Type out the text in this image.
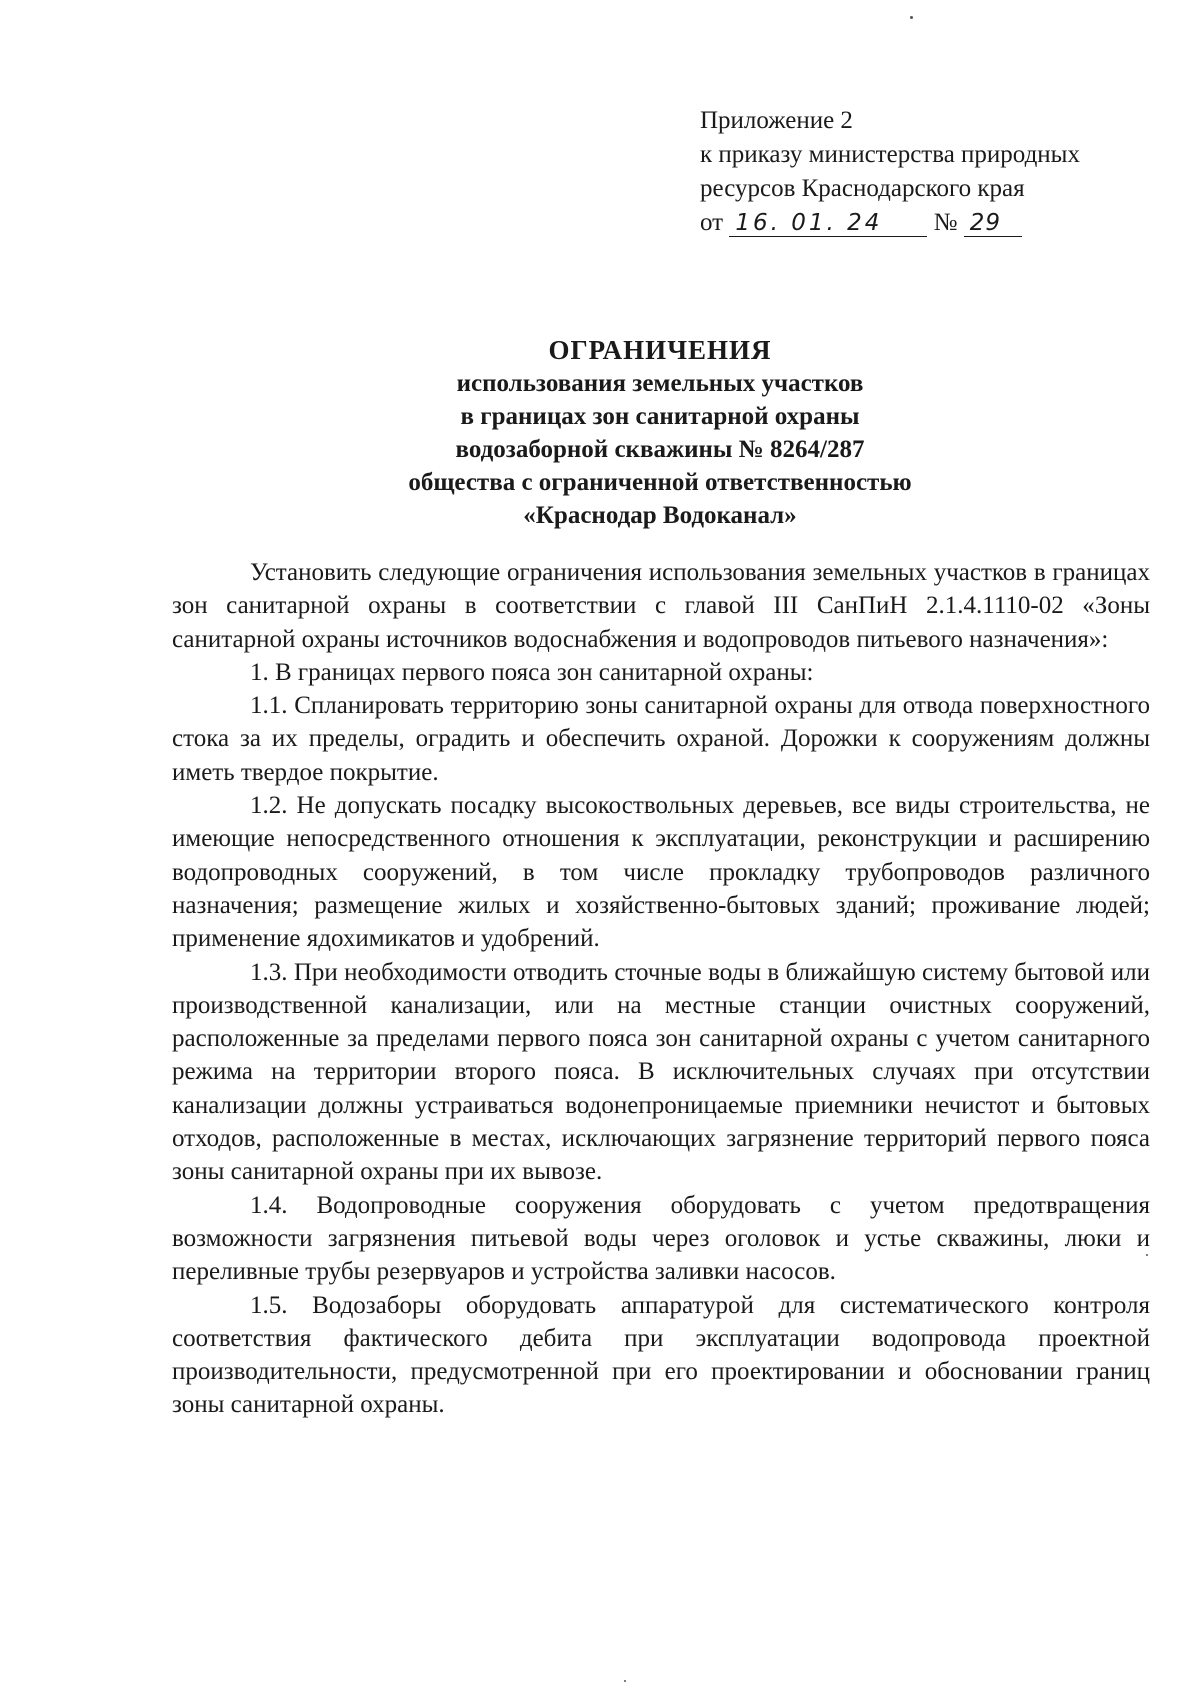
Приложение 2
к приказу министерства природных
ресурсов Краснодарского края
от 16. 01. 24 № 29
ОГРАНИЧЕНИЯ
использования земельных участков
в границах зон санитарной охраны
водозаборной скважины № 8264/287
общества с ограниченной ответственностью
«Краснодар Водоканал»

Установить следующие ограничения использования земельных участков в границах зон санитарной охраны в соответствии с главой III СанПиН 2.1.4.1110-02 «Зоны санитарной охраны источников водоснабжения и водопроводов питьевого назначения»:

1. В границах первого пояса зон санитарной охраны:

1.1. Спланировать территорию зоны санитарной охраны для отвода поверхностного стока за их пределы, оградить и обеспечить охраной. Дорожки к сооружениям должны иметь твердое покрытие.

1.2. Не допускать посадку высокоствольных деревьев, все виды строительства, не имеющие непосредственного отношения к эксплуатации, реконструкции и расширению водопроводных сооружений, в том числе прокладку трубопроводов различного назначения; размещение жилых и хозяйственно-бытовых зданий; проживание людей; применение ядохимикатов и удобрений.

1.3. При необходимости отводить сточные воды в ближайшую систему бытовой или производственной канализации, или на местные станции очистных сооружений, расположенные за пределами первого пояса зон санитарной охраны с учетом санитарного режима на территории второго пояса. В исключительных случаях при отсутствии канализации должны устраиваться водонепроницаемые приемники нечистот и бытовых отходов, расположенные в местах, исключающих загрязнение территорий первого пояса зоны санитарной охраны при их вывозе.

1.4. Водопроводные сооружения оборудовать с учетом предотвращения возможности загрязнения питьевой воды через оголовок и устье скважины, люки и переливные трубы резервуаров и устройства заливки насосов.

1.5. Водозаборы оборудовать аппаратурой для систематического контроля соответствия фактического дебита при эксплуатации водопровода проектной производительности, предусмотренной при его проектировании и обосновании границ зоны санитарной охраны.
